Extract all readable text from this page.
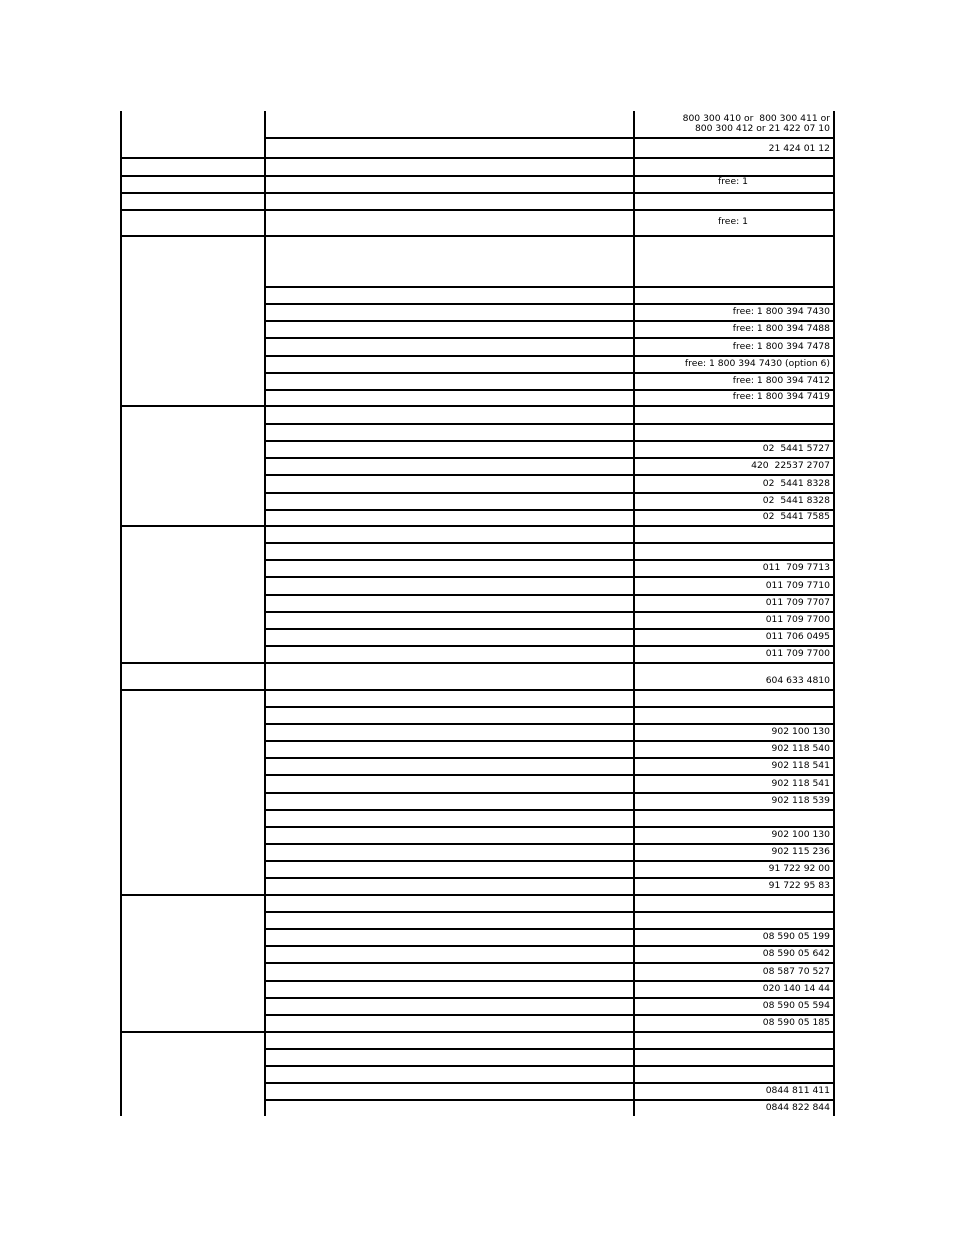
800 300 410 or  800 300 411 or
800 300 412 or 21 422 07 10
21 424 01 12
free: 1
free: 1
free: 1 800 394 7430
free: 1 800 394 7488
free: 1 800 394 7478
free: 1 800 394 7430 (option 6)
free: 1 800 394 7412
free: 1 800 394 7419
02  5441 5727
420  22537 2707
02  5441 8328
02  5441 8328
02  5441 7585
011  709 7713
011 709 7710
011 709 7707
011 709 7700
011 706 0495
011 709 7700
604 633 4810
902 100 130
902 118 540
902 118 541
902 118 541
902 118 539
902 100 130
902 115 236
91 722 92 00
91 722 95 83
08 590 05 199
08 590 05 642
08 587 70 527
020 140 14 44
08 590 05 594
08 590 05 185
0844 811 411
0844 822 844
